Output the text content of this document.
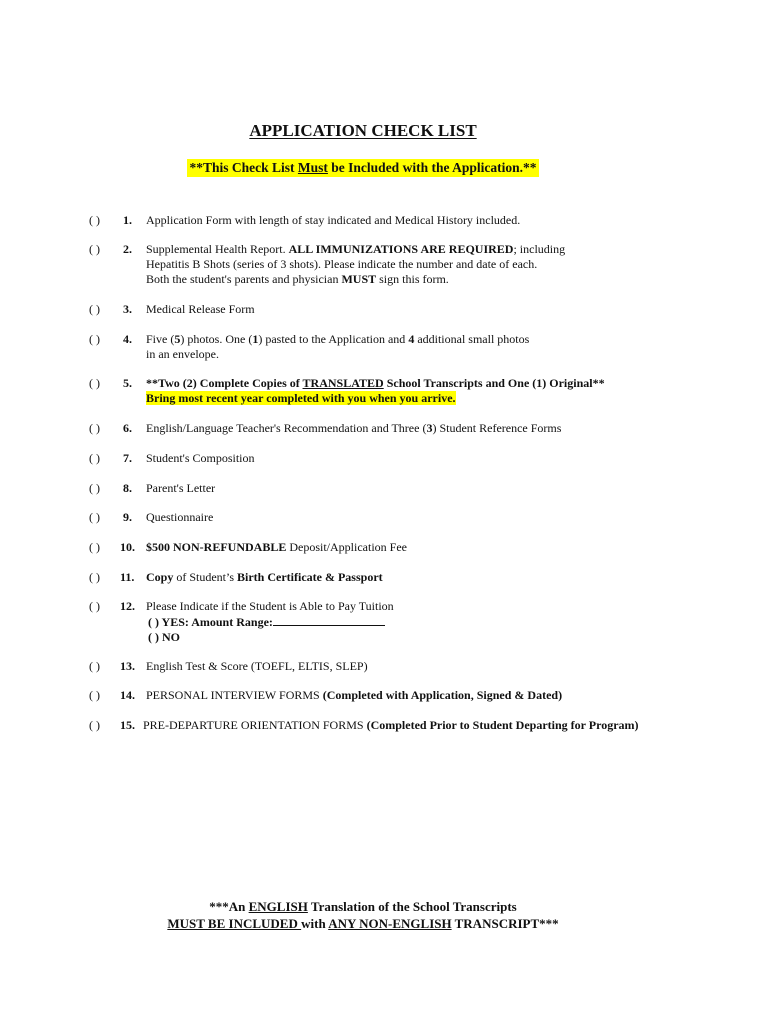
APPLICATION CHECK LIST
**This Check List Must be Included with the Application.**
( ) 1. Application Form with length of stay indicated and Medical History included.
( ) 2. Supplemental Health Report. ALL IMMUNIZATIONS ARE REQUIRED; including
Hepatitis B Shots (series of 3 shots). Please indicate the number and date of each.
Both the student's parents and physician MUST sign this form.
( ) 3. Medical Release Form
( ) 4. Five (5) photos. One (1) pasted to the Application and 4 additional small photos
in an envelope.
( ) 5. **Two (2) Complete Copies of TRANSLATED School Transcripts and One (1) Original**
Bring most recent year completed with you when you arrive.
( ) 6. English/Language Teacher's Recommendation and Three (3) Student Reference Forms
( ) 7. Student's Composition
( ) 8. Parent's Letter
( ) 9. Questionnaire
( ) 10. $500 NON-REFUNDABLE Deposit/Application Fee
( ) 11. Copy of Student’s Birth Certificate & Passport
( ) 12. Please Indicate if the Student is Able to Pay Tuition
( ) YES: Amount Range:
( ) NO
( ) 13. English Test & Score (TOEFL, ELTIS, SLEP)
( ) 14. PERSONAL INTERVIEW FORMS (Completed with Application, Signed & Dated)
( ) 15. PRE-DEPARTURE ORIENTATION FORMS (Completed Prior to Student Departing for Program)
***An ENGLISH Translation of the School Transcripts
MUST BE INCLUDED with ANY NON-ENGLISH TRANSCRIPT***
